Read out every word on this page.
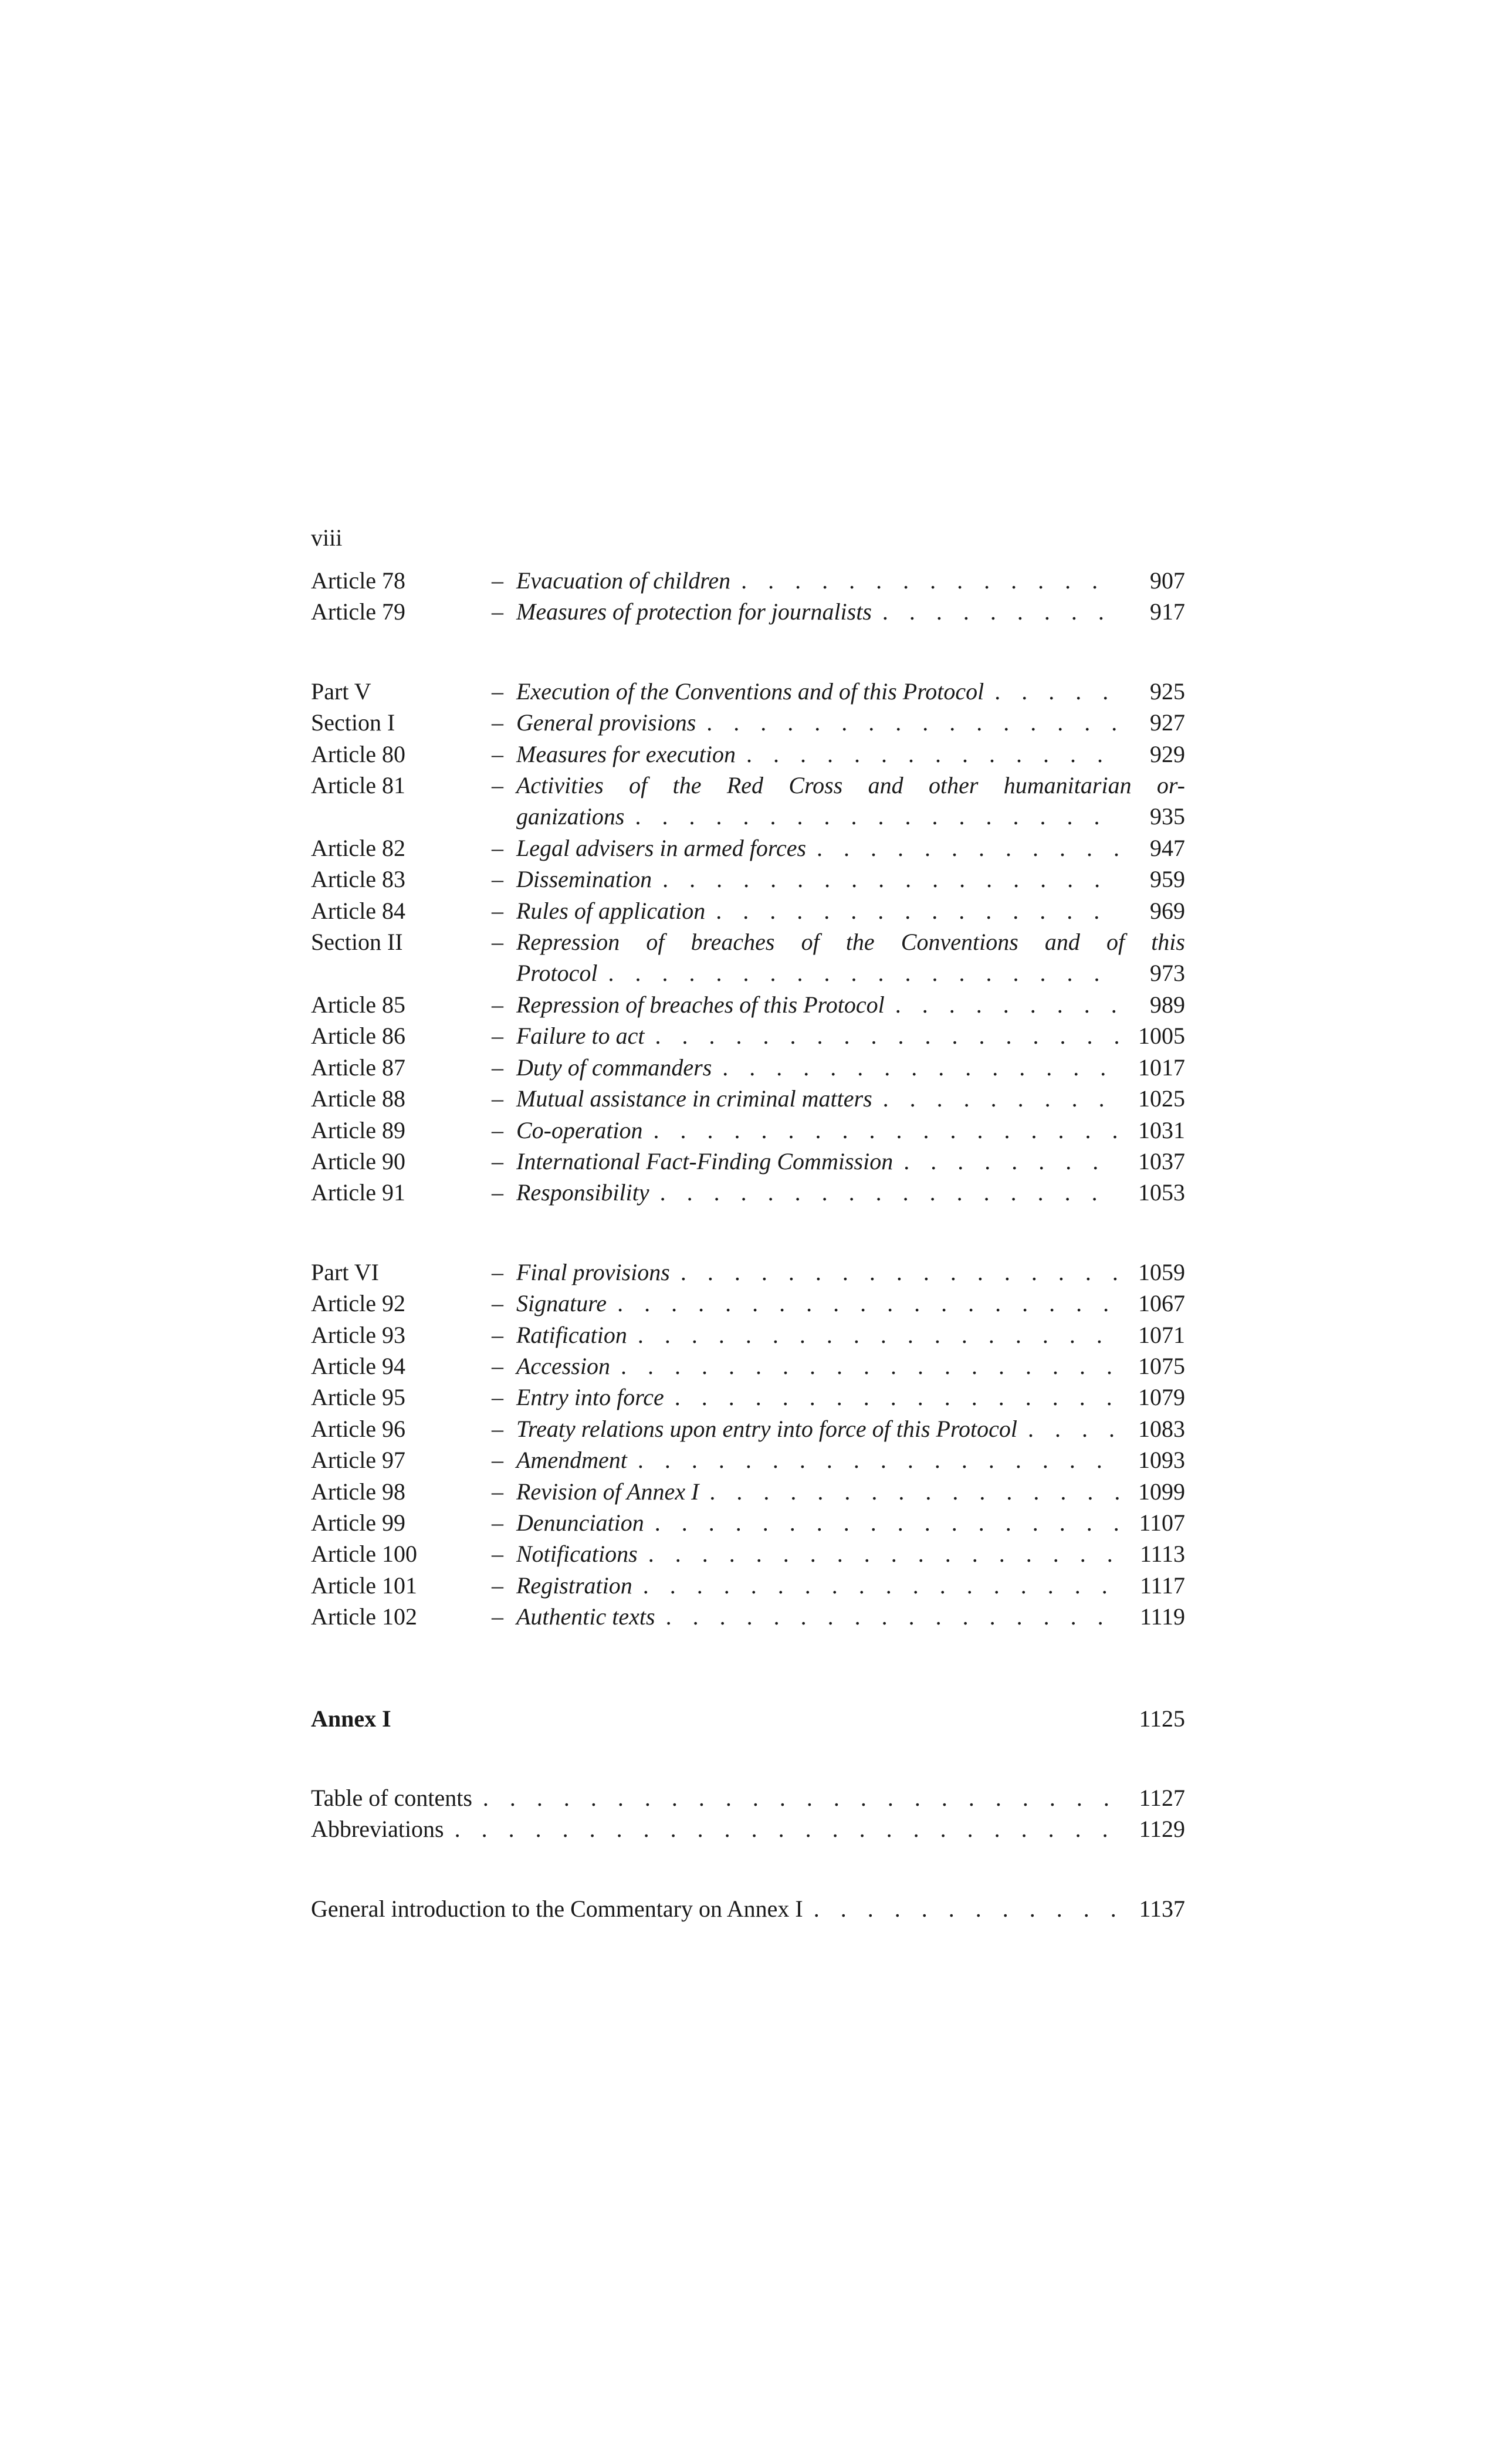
viii
Article 78	– Evacuation of children . . .	907
Article 79	– Measures of protection for journalists . . .	917
Part V	– Execution of the Conventions and of this Protocol . . .	925
Section I	– General provisions . . .	927
Article 80	– Measures for execution . . .	929
Article 81	– Activities of the Red Cross and other humanitarian or-
ganizations . . .	935
Article 82	– Legal advisers in armed forces . . .	947
Article 83	– Dissemination . . .	959
Article 84	– Rules of application . . .	969
Section II	– Repression of breaches of the Conventions and of this
Protocol . . .	973
Article 85	– Repression of breaches of this Protocol . . .	989
Article 86	– Failure to act . . .	1005
Article 87	– Duty of commanders . . .	1017
Article 88	– Mutual assistance in criminal matters . . .	1025
Article 89	– Co-operation . . .	1031
Article 90	– International Fact-Finding Commission . . .	1037
Article 91	– Responsibility . . .	1053
Part VI	– Final provisions . . .	1059
Article 92	– Signature . . .	1067
Article 93	– Ratification . . .	1071
Article 94	– Accession . . .	1075
Article 95	– Entry into force . . .	1079
Article 96	– Treaty relations upon entry into force of this Protocol . . .	1083
Article 97	– Amendment . . .	1093
Article 98	– Revision of Annex I . . .	1099
Article 99	– Denunciation . . .	1107
Article 100	– Notifications . . .	1113
Article 101	– Registration . . .	1117
Article 102	– Authentic texts . . .	1119
Annex I	1125
Table of contents . . .	1127
Abbreviations . . .	1129
General introduction to the Commentary on Annex I . . .	1137
